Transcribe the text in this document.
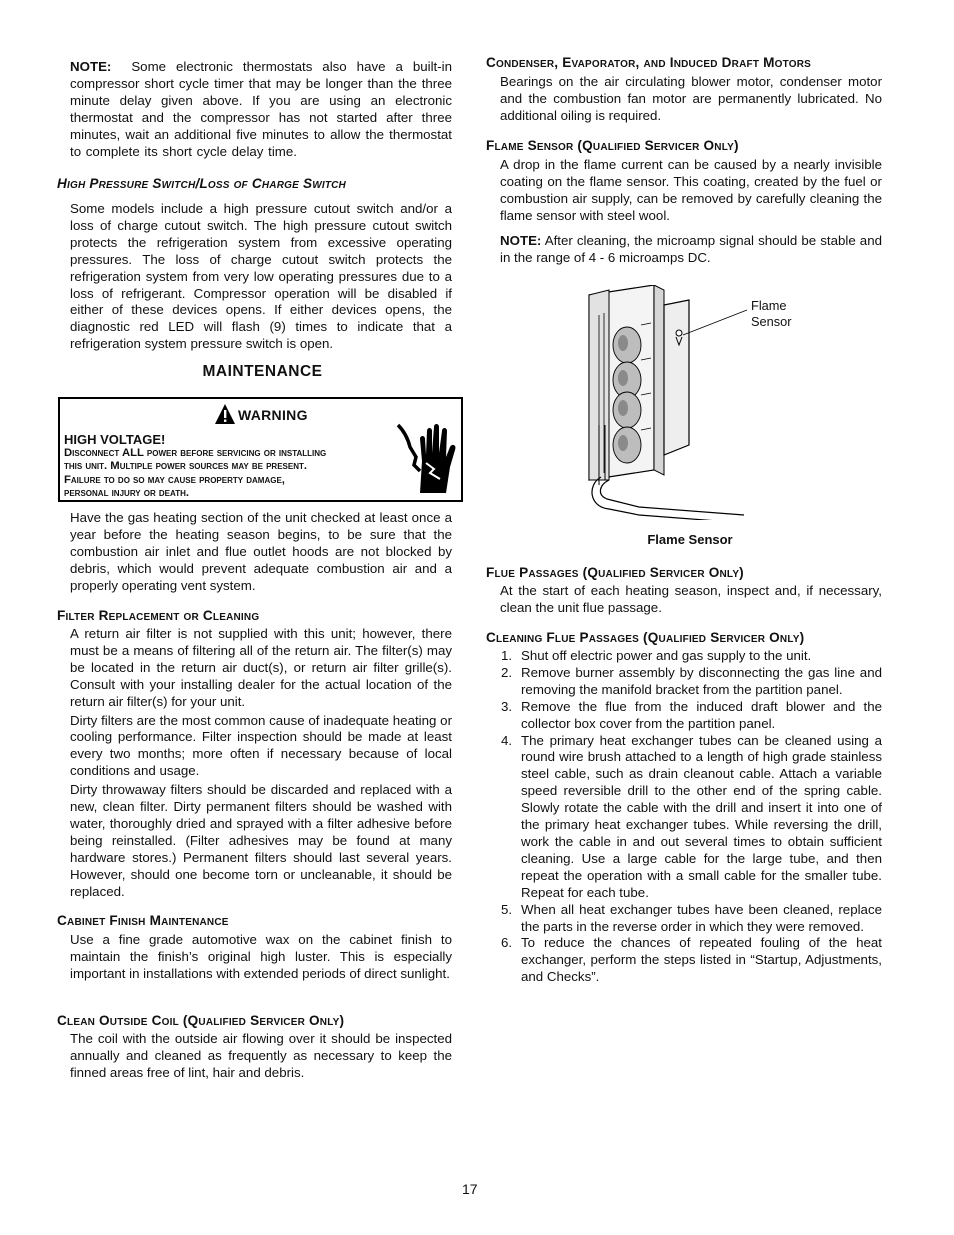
NOTE: Some electronic thermostats also have a built-in compressor short cycle timer that may be longer than the three minute delay given above. If you are using an electronic thermostat and the compressor has not started after three minutes, wait an additional five minutes to allow the thermostat to complete its short cycle delay time.

High Pressure Switch/Loss of Charge Switch

Some models include a high pressure cutout switch and/or a loss of charge cutout switch. The high pressure cutout switch protects the refrigeration system from excessive operating pressures. The loss of charge cutout switch protects the refrigeration system from very low operating pressures due to a loss of refrigerant. Compressor operation will be disabled if either of these devices opens. If either devices opens, the diagnostic red LED will flash (9) times to indicate that a refrigeration system pressure switch is open.

MAINTENANCE
WARNING
HIGH VOLTAGE!
Disconnect ALL power before servicing or installing
this unit. Multiple power sources may be present.
Failure to do so may cause property damage,
personal injury or death.

Have the gas heating section of the unit checked at least once a year before the heating season begins, to be sure that the combustion air inlet and flue outlet hoods are not blocked by debris, which would prevent adequate combustion air and a properly operating vent system.

Filter Replacement or Cleaning

A return air filter is not supplied with this unit; however, there must be a means of filtering all of the return air. The filter(s) may be located in the return air duct(s), or return air filter grille(s). Consult with your installing dealer for the actual location of the return air filter(s) for your unit.

Dirty filters are the most common cause of inadequate heating or cooling performance. Filter inspection should be made at least every two months; more often if necessary because of local conditions and usage.

Dirty throwaway filters should be discarded and replaced with a new, clean filter. Dirty permanent filters should be washed with water, thoroughly dried and sprayed with a filter adhesive before being reinstalled. (Filter adhesives may be found at many hardware stores.) Permanent filters should last several years. However, should one become torn or uncleanable, it should be replaced.

Cabinet Finish Maintenance

Use a fine grade automotive wax on the cabinet finish to maintain the finish’s original high luster. This is especially important in installations with extended periods of direct sunlight.

Clean Outside Coil (Qualified Servicer Only)

The coil with the outside air flowing over it should be inspected annually and cleaned as frequently as necessary to keep the finned areas free of lint, hair and debris.

Condenser, Evaporator, and Induced Draft Motors

Bearings on the air circulating blower motor, condenser motor and the combustion fan motor are permanently lubricated. No additional oiling is required.

Flame Sensor (Qualified Servicer Only)

A drop in the flame current can be caused by a nearly invisible coating on the flame sensor. This coating, created by the fuel or combustion air supply, can be removed by carefully cleaning the flame sensor with steel wool.

NOTE: After cleaning, the microamp signal should be stable and in the range of 4 - 6 microamps DC.

Flame
Sensor
Flame Sensor
Flue Passages (Qualified Servicer Only)

At the start of each heating season, inspect and, if necessary, clean the unit flue passage.

Cleaning Flue Passages (Qualified Servicer Only)
1. Shut off electric power and gas supply to the unit.

2. Remove burner assembly by disconnecting the gas line and removing the manifold bracket from the partition panel.

3. Remove the flue from the induced draft blower and the collector box cover from the partition panel.

4. The primary heat exchanger tubes can be cleaned using a round wire brush attached to a length of high grade stainless steel cable, such as drain cleanout cable. Attach a variable speed reversible drill to the other end of the spring cable. Slowly rotate the cable with the drill and insert it into one of the primary heat exchanger tubes. While reversing the drill, work the cable in and out several times to obtain sufficient cleaning. Use a large cable for the large tube, and then repeat the operation with a small cable for the smaller tube. Repeat for each tube.

5. When all heat exchanger tubes have been cleaned, replace the parts in the reverse order in which they were removed.

6. To reduce the chances of repeated fouling of the heat exchanger, perform the steps listed in “Startup, Adjustments, and Checks”.

17
